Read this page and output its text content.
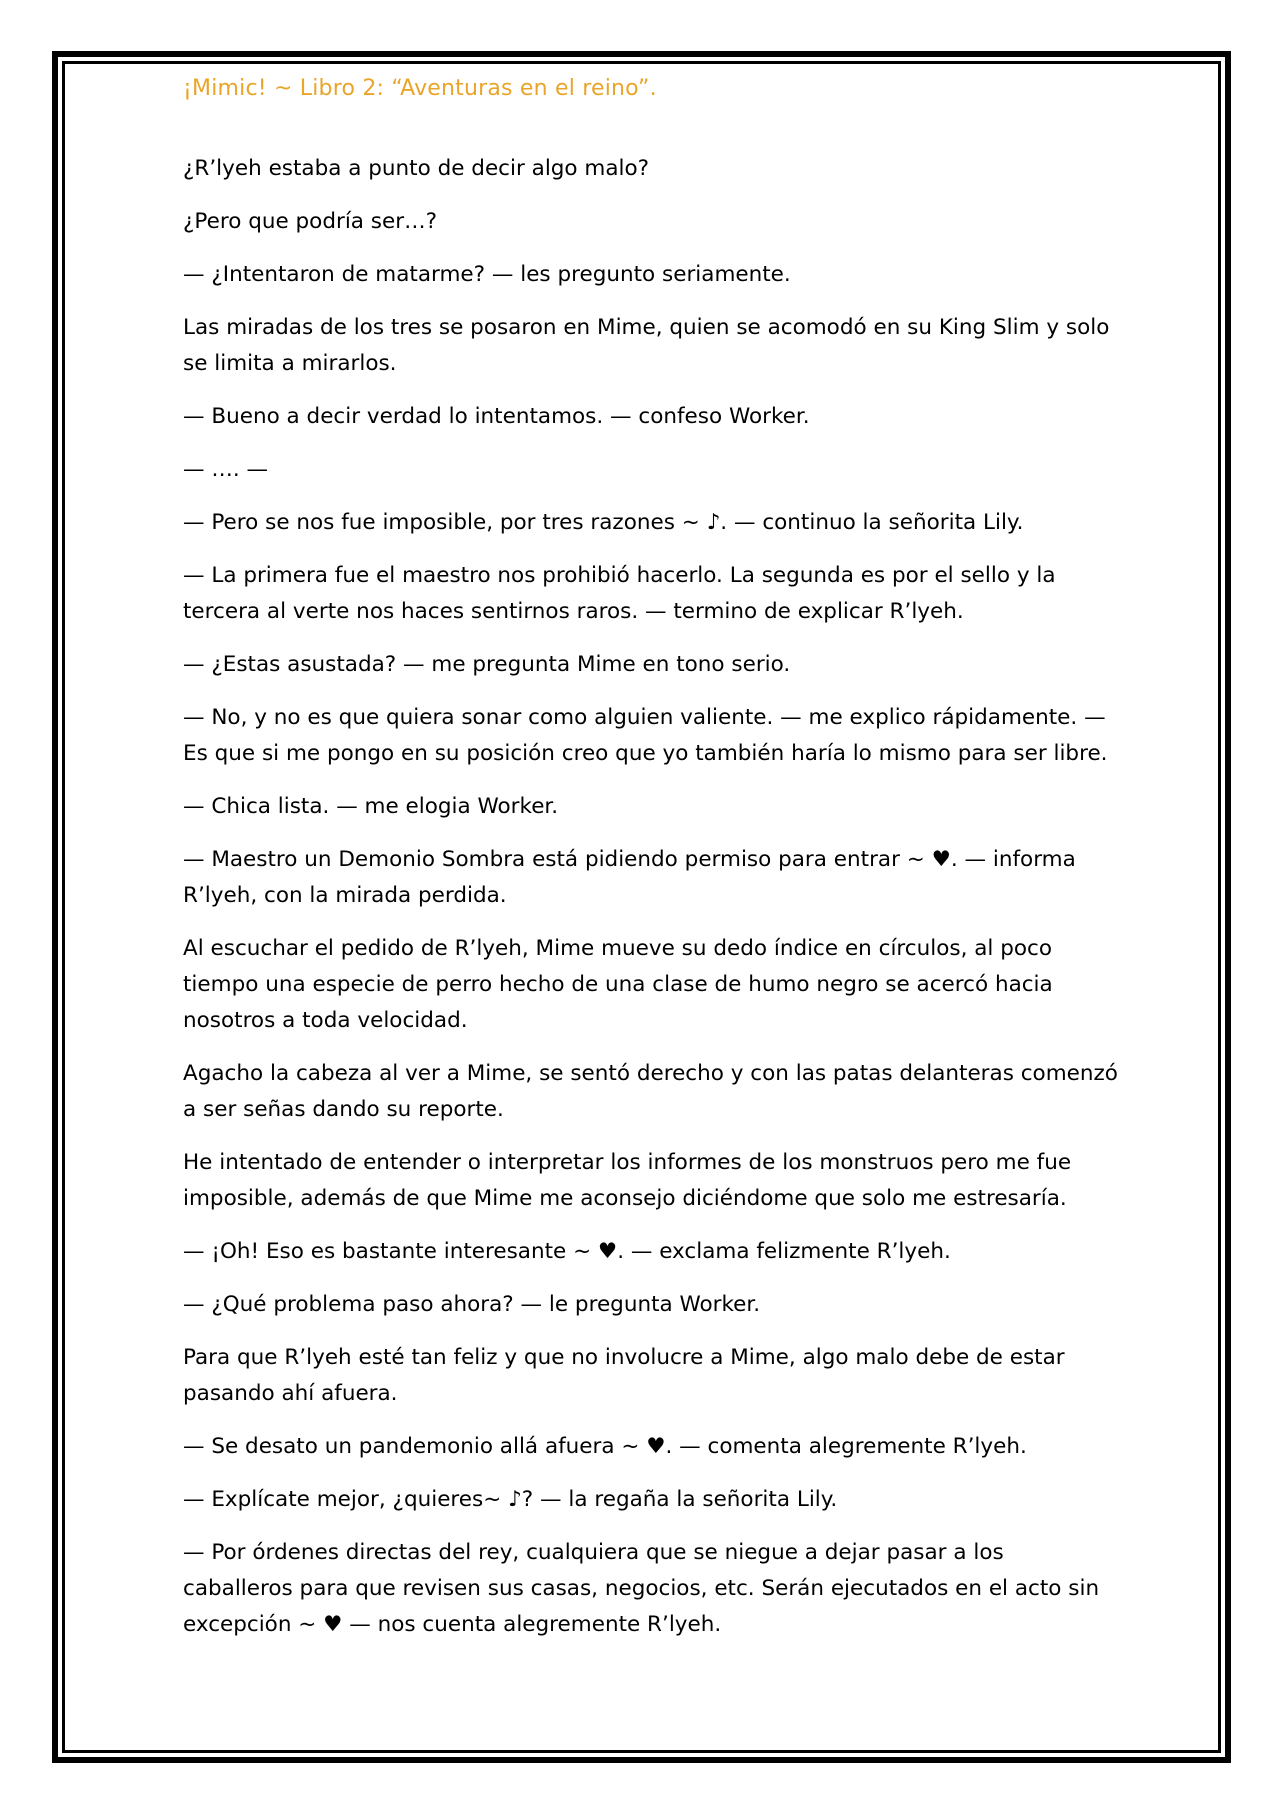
¡Mimic! ~ Libro 2: “Aventuras en el reino”.

¿R’lyeh estaba a punto de decir algo malo?

¿Pero que podría ser…?

— ¿Intentaron de matarme? — les pregunto seriamente.

Las miradas de los tres se posaron en Mime, quien se acomodó en su King Slim y solo se limita a mirarlos.

— Bueno a decir verdad lo intentamos. — confeso Worker.

— …. —

— Pero se nos fue imposible, por tres razones ~ ♪. — continuo la señorita Lily.

— La primera fue el maestro nos prohibió hacerlo. La segunda es por el sello y la tercera al verte nos haces sentirnos raros. — termino de explicar R’lyeh.

— ¿Estas asustada? — me pregunta Mime en tono serio.

— No, y no es que quiera sonar como alguien valiente. — me explico rápidamente. — Es que si me pongo en su posición creo que yo también haría lo mismo para ser libre.

— Chica lista. — me elogia Worker.

— Maestro un Demonio Sombra está pidiendo permiso para entrar ~ ♥. — informa R’lyeh, con la mirada perdida.

Al escuchar el pedido de R’lyeh, Mime mueve su dedo índice en círculos, al poco tiempo una especie de perro hecho de una clase de humo negro se acercó hacia nosotros a toda velocidad.

Agacho la cabeza al ver a Mime, se sentó derecho y con las patas delanteras comenzó a ser señas dando su reporte.

He intentado de entender o interpretar los informes de los monstruos pero me fue imposible, además de que Mime me aconsejo diciéndome que solo me estresaría.

— ¡Oh! Eso es bastante interesante ~ ♥. — exclama felizmente R’lyeh.

— ¿Qué problema paso ahora? — le pregunta Worker.

Para que R’lyeh esté tan feliz y que no involucre a Mime, algo malo debe de estar pasando ahí afuera.

— Se desato un pandemonio allá afuera ~ ♥. — comenta alegremente R’lyeh.

— Explícate mejor, ¿quieres~ ♪? — la regaña la señorita Lily.

— Por órdenes directas del rey, cualquiera que se niegue a dejar pasar a los caballeros para que revisen sus casas, negocios, etc. Serán ejecutados en el acto sin excepción ~ ♥ — nos cuenta alegremente R’lyeh.
